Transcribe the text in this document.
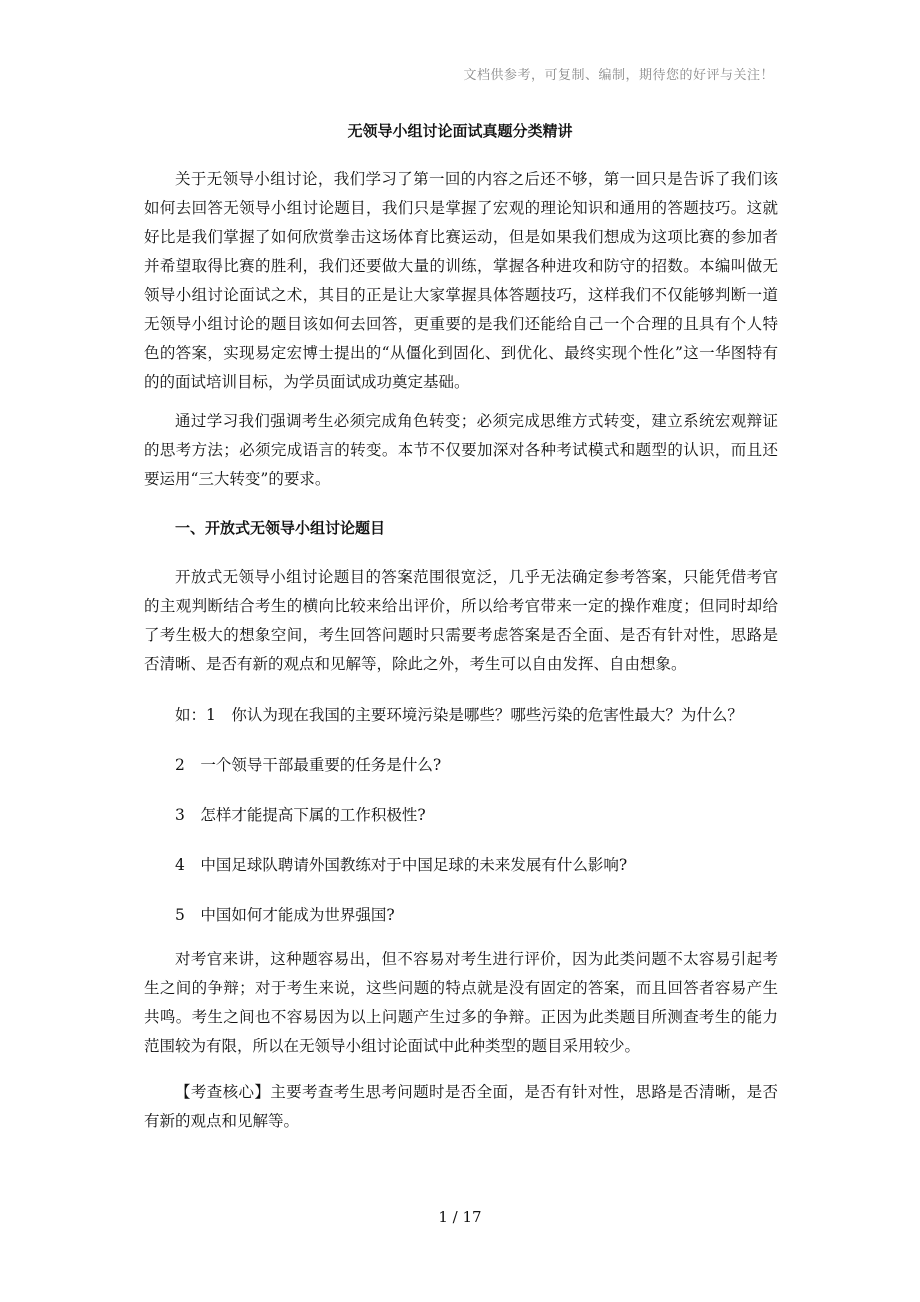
文档供参考，可复制、编制，期待您的好评与关注！
无领导小组讨论面试真题分类精讲

关于无领导小组讨论，我们学习了第一回的内容之后还不够，第一回只是告诉了我们该如何去回答无领导小组讨论题目，我们只是掌握了宏观的理论知识和通用的答题技巧。这就好比是我们掌握了如何欣赏拳击这场体育比赛运动，但是如果我们想成为这项比赛的参加者并希望取得比赛的胜利，我们还要做大量的训练，掌握各种进攻和防守的招数。本编叫做无领导小组讨论面试之术，其目的正是让大家掌握具体答题技巧，这样我们不仅能够判断一道无领导小组讨论的题目该如何去回答，更重要的是我们还能给自己一个合理的且具有个人特色的答案，实现易定宏博士提出的“从僵化到固化、到优化、最终实现个性化”这一华图特有的的面试培训目标，为学员面试成功奠定基础。

通过学习我们强调考生必须完成角色转变；必须完成思维方式转变，建立系统宏观辩证的思考方法；必须完成语言的转变。本节不仅要加深对各种考试模式和题型的认识，而且还要运用“三大转变”的要求。

一、开放式无领导小组讨论题目

开放式无领导小组讨论题目的答案范围很宽泛，几乎无法确定参考答案，只能凭借考官的主观判断结合考生的横向比较来给出评价，所以给考官带来一定的操作难度；但同时却给了考生极大的想象空间，考生回答问题时只需要考虑答案是否全面、是否有针对性，思路是否清晰、是否有新的观点和见解等，除此之外，考生可以自由发挥、自由想象。

如：1　你认为现在我国的主要环境污染是哪些？哪些污染的危害性最大？为什么？
2　一个领导干部最重要的任务是什么?
3　怎样才能提高下属的工作积极性?
4　中国足球队聘请外国教练对于中国足球的未来发展有什么影响?
5　中国如何才能成为世界强国?

对考官来讲，这种题容易出，但不容易对考生进行评价，因为此类问题不太容易引起考生之间的争辩；对于考生来说，这些问题的特点就是没有固定的答案，而且回答者容易产生共鸣。考生之间也不容易因为以上问题产生过多的争辩。正因为此类题目所测查考生的能力范围较为有限，所以在无领导小组讨论面试中此种类型的题目采用较少。

【考查核心】主要考查考生思考问题时是否全面，是否有针对性，思路是否清晰，是否有新的观点和见解等。

1 / 17
